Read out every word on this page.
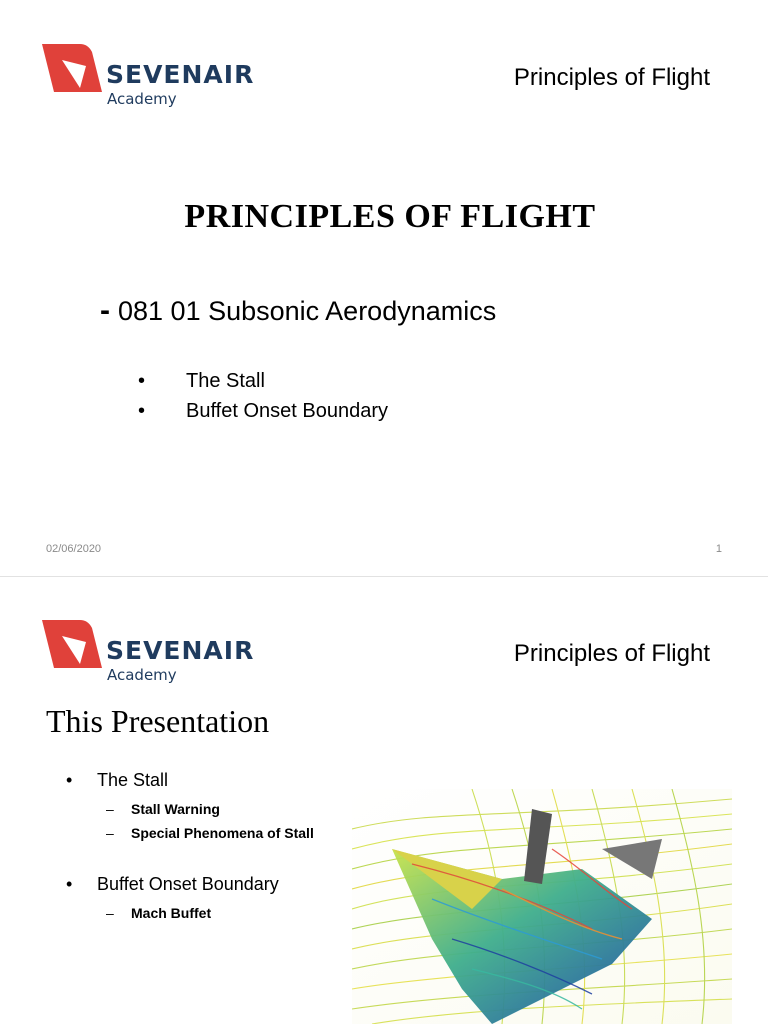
SEVENAIR
Academy
Principles of Flight
PRINCIPLES OF FLIGHT
- 081 01 Subsonic Aerodynamics
• The Stall
• Buffet Onset Boundary
02/06/2020	1
SEVENAIR
Academy
Principles of Flight
This Presentation
• The Stall
– Stall Warning
– Special Phenomena of Stall
• Buffet Onset Boundary
– Mach Buffet
